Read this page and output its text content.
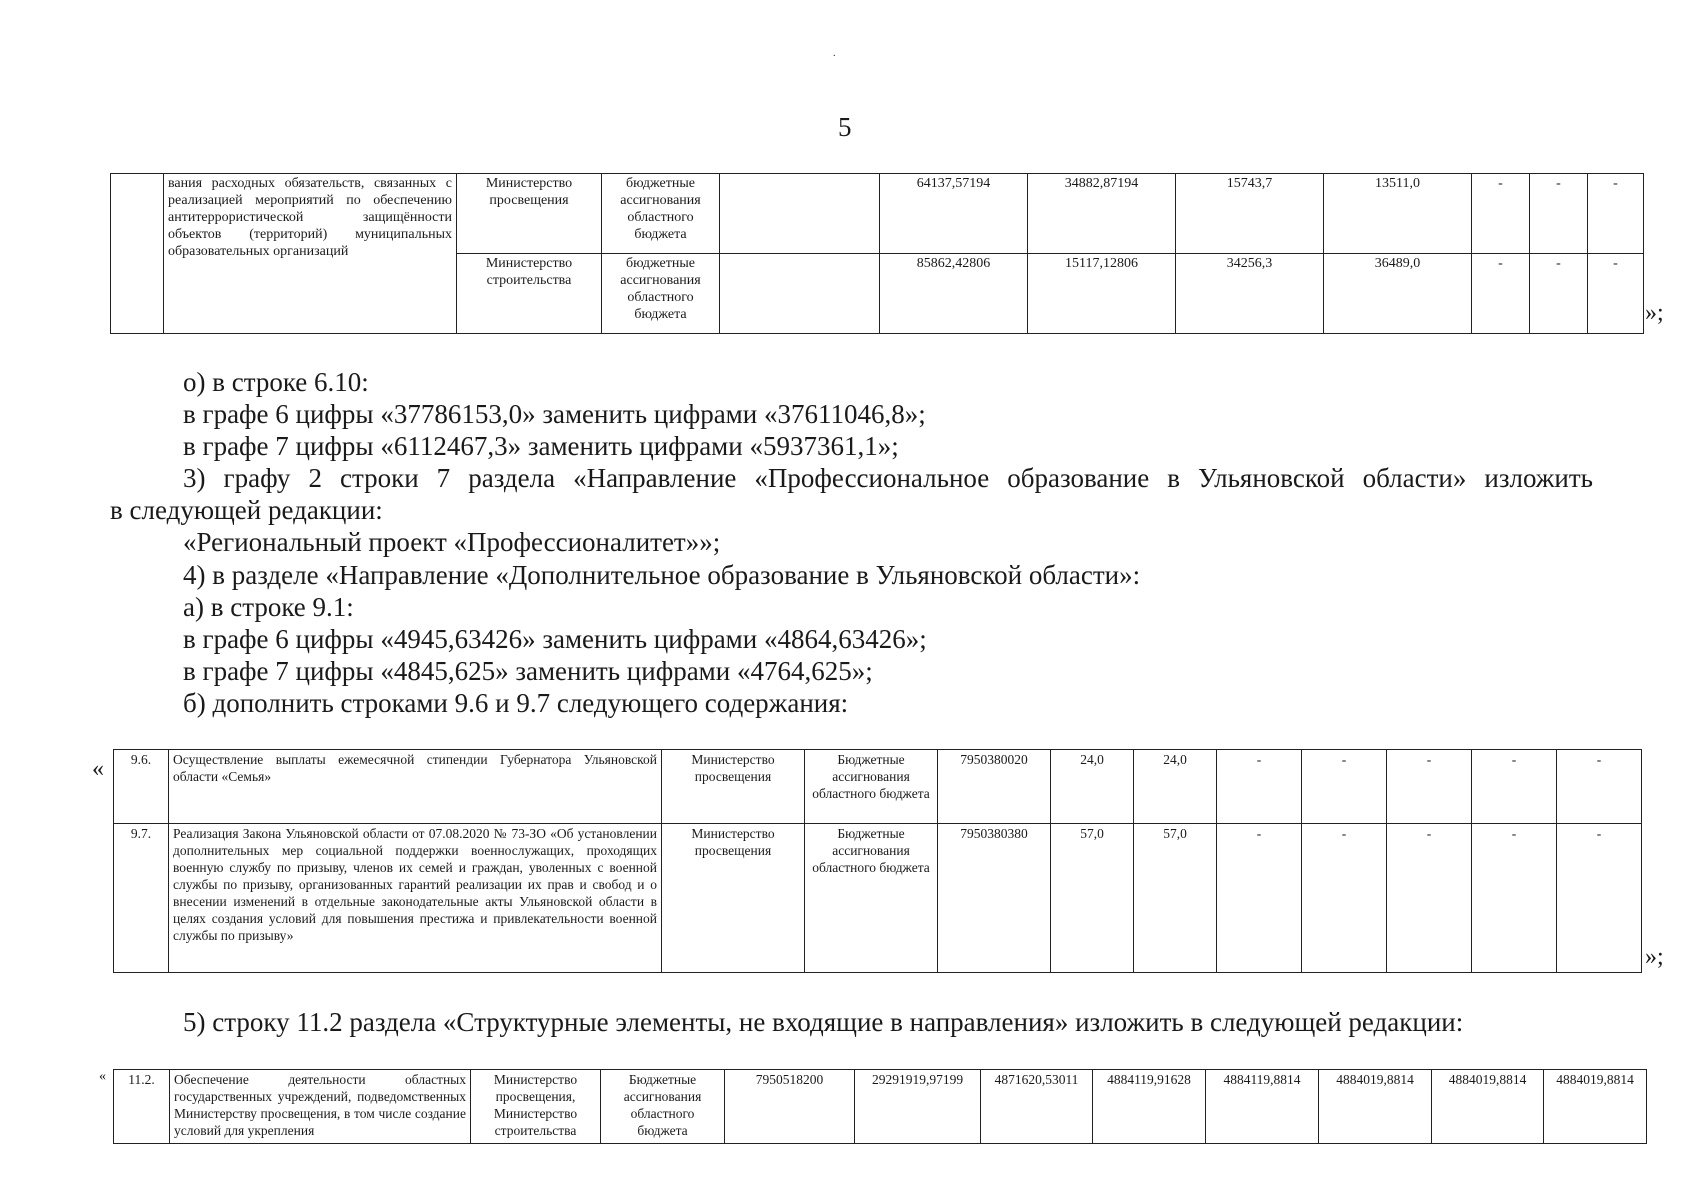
.
5
	вания расходных обязательств, связанных с реализацией мероприятий по обеспечению антитеррористической защищённости объектов (территорий) муниципальных образовательных организаций	Министерство просвещения	бюджетные ассигнования областного бюджета		64137,57194	34882,87194	15743,7	13511,0	-	-	-
		Министерство строительства	бюджетные ассигнования областного бюджета		85862,42806	15117,12806	34256,3	36489,0	-	-	-
»;
о) в строке 6.10:
в графе 6 цифры «37786153,0» заменить цифрами «37611046,8»;
в графе 7 цифры «6112467,3» заменить цифрами «5937361,1»;
3) графу 2 строки 7 раздела «Направление «Профессиональное образование в Ульяновской области» изложить
в следующей редакции:
«Региональный проект «Профессионалитет»»;
4) в разделе «Направление «Дополнительное образование в Ульяновской области»:
а) в строке 9.1:
в графе 6 цифры «4945,63426» заменить цифрами «4864,63426»;
в графе 7 цифры «4845,625» заменить цифрами «4764,625»;
б) дополнить строками 9.6 и 9.7 следующего содержания:
« 9.6.	Осуществление выплаты ежемесячной стипендии Губернатора Ульяновской области «Семья»	Министерство просвещения	Бюджетные ассигнования областного бюджета	7950380020	24,0	24,0	-	-	-	-	-
9.7.	Реализация Закона Ульяновской области от 07.08.2020 № 73-ЗО «Об установлении дополнительных мер социальной поддержки военнослужащих, проходящих военную службу по призыву, членов их семей и граждан, уволенных с военной службы по призыву, организованных гарантий реализации их прав и свобод и о внесении изменений в отдельные законодательные акты Ульяновской области в целях создания условий для повышения престижа и привлекательности военной службы по призыву»	Министерство просвещения	Бюджетные ассигнования областного бюджета	7950380380	57,0	57,0	-	-	-	-	-
»;
5) строку 11.2 раздела «Структурные элементы, не входящие в направления» изложить в следующей редакции:
« 11.2.	Обеспечение деятельности областных государственных учреждений, подведомственных Министерству просвещения, в том числе создание условий для укрепления	Министерство просвещения, Министерство строительства	Бюджетные ассигнования областного бюджета	7950518200	29291919,97199	4871620,53011	4884119,91628	4884119,8814	4884019,8814	4884019,8814	4884019,8814
